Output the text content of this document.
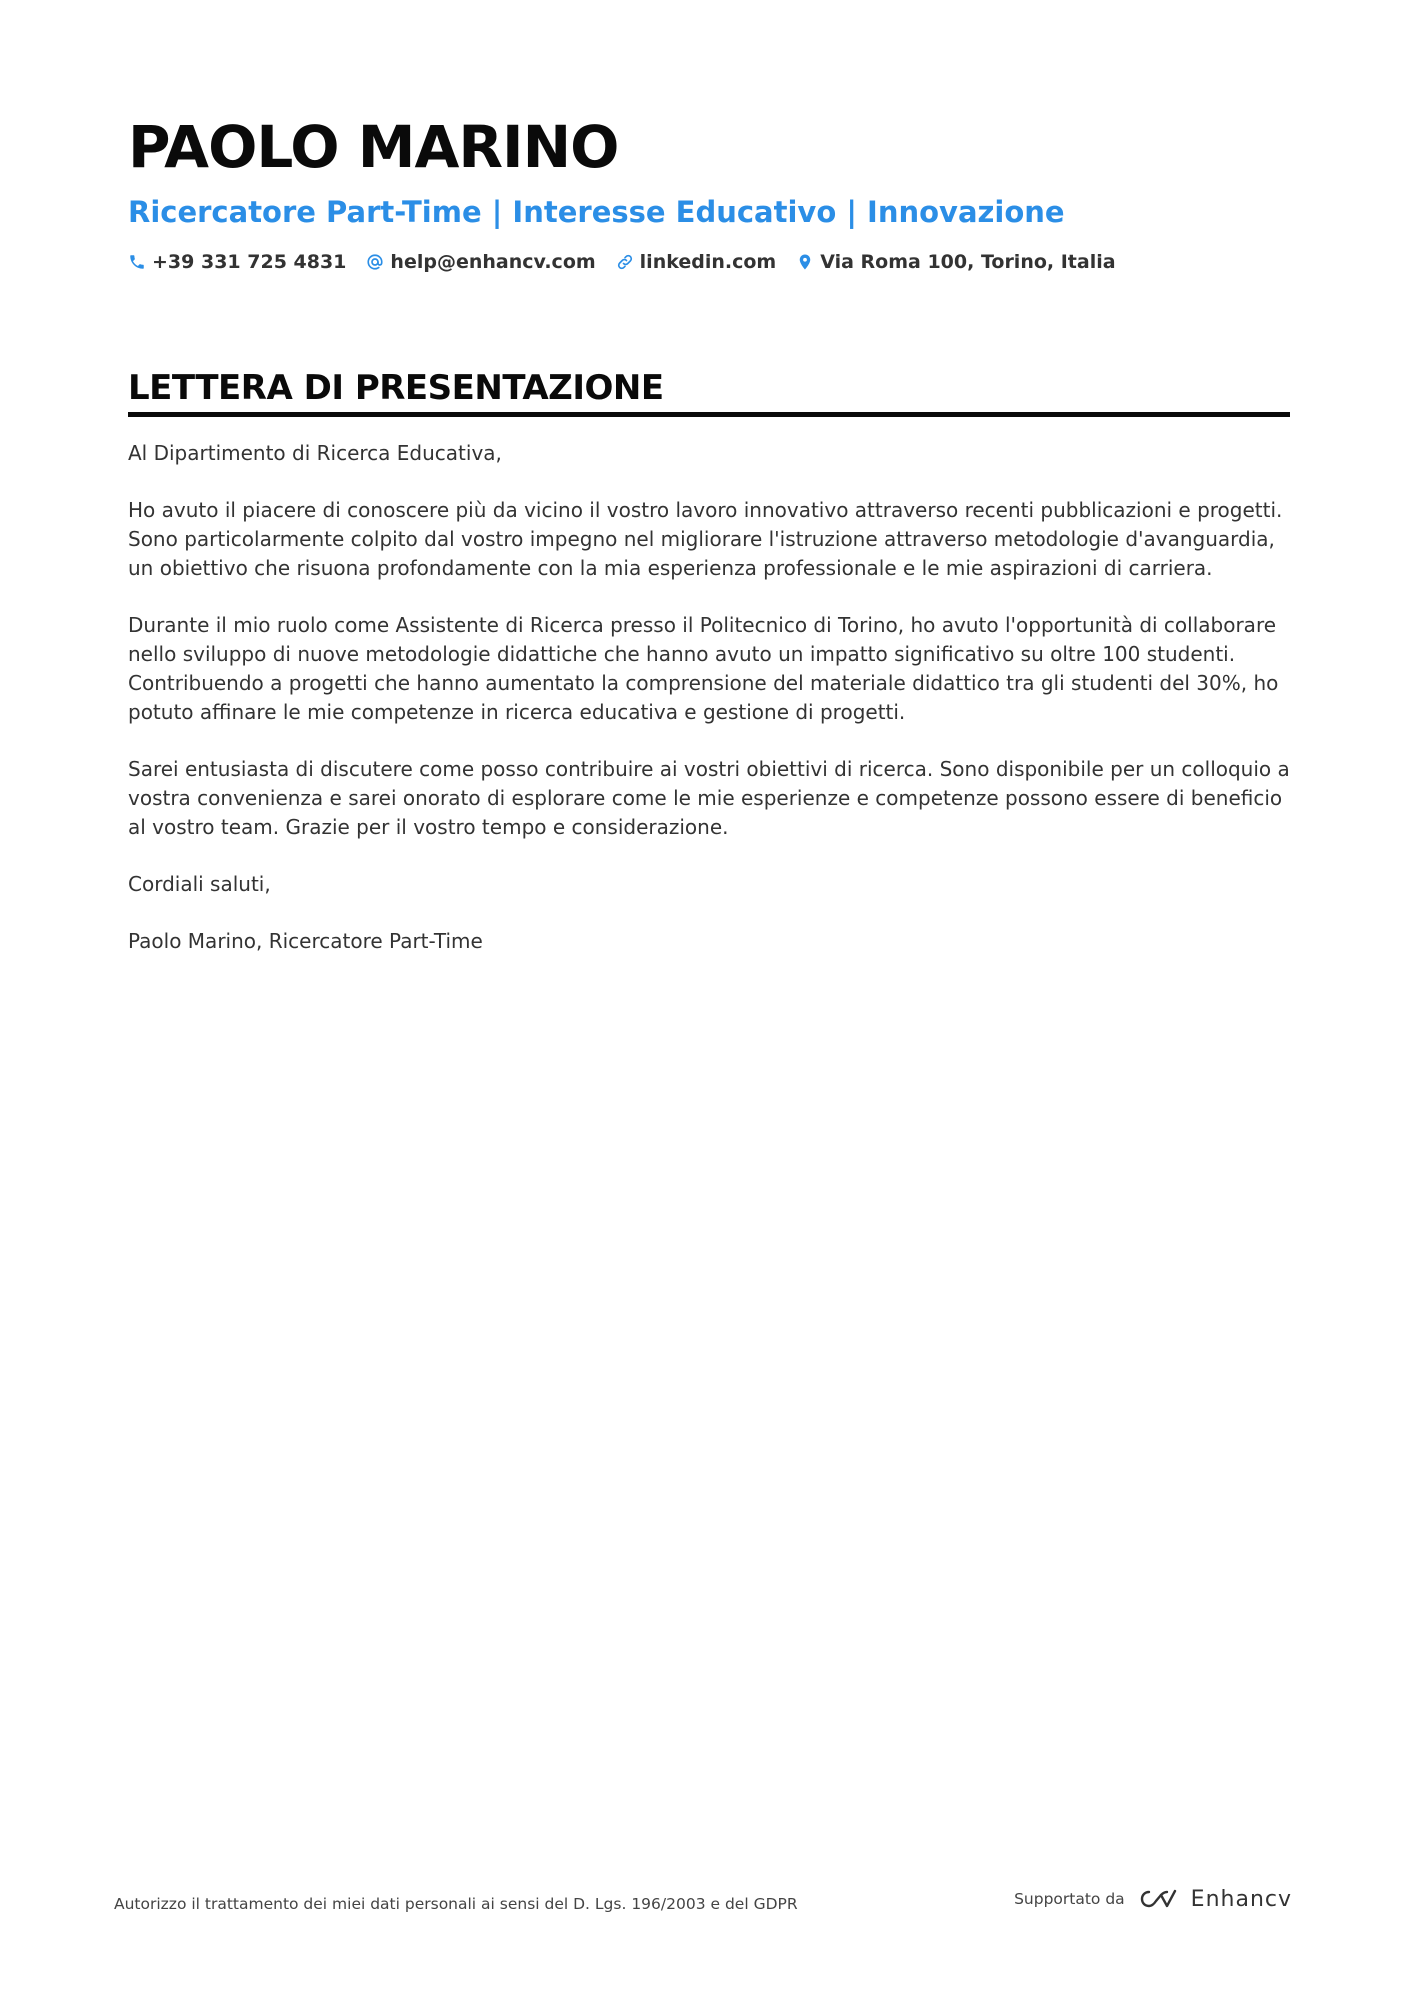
PAOLO MARINO
Ricercatore Part-Time | Interesse Educativo | Innovazione
+39 331 725 4831 help@enhancv.com linkedin.com Via Roma 100, Torino, Italia
LETTERA DI PRESENTAZIONE

Al Dipartimento di Ricerca Educativa,

Ho avuto il piacere di conoscere più da vicino il vostro lavoro innovativo attraverso recenti pubblicazioni e progetti. Sono particolarmente colpito dal vostro impegno nel migliorare l'istruzione attraverso metodologie d'avanguardia, un obiettivo che risuona profondamente con la mia esperienza professionale e le mie aspirazioni di carriera.

Durante il mio ruolo come Assistente di Ricerca presso il Politecnico di Torino, ho avuto l'opportunità di collaborare nello sviluppo di nuove metodologie didattiche che hanno avuto un impatto significativo su oltre 100 studenti. Contribuendo a progetti che hanno aumentato la comprensione del materiale didattico tra gli studenti del 30%, ho potuto affinare le mie competenze in ricerca educativa e gestione di progetti.

Sarei entusiasta di discutere come posso contribuire ai vostri obiettivi di ricerca. Sono disponibile per un colloquio a vostra convenienza e sarei onorato di esplorare come le mie esperienze e competenze possono essere di beneficio al vostro team. Grazie per il vostro tempo e considerazione.

Cordiali saluti,

Paolo Marino, Ricercatore Part-Time

Autorizzo il trattamento dei miei dati personali ai sensi del D. Lgs. 196/2003 e del GDPR	Supportato da	Enhancv
